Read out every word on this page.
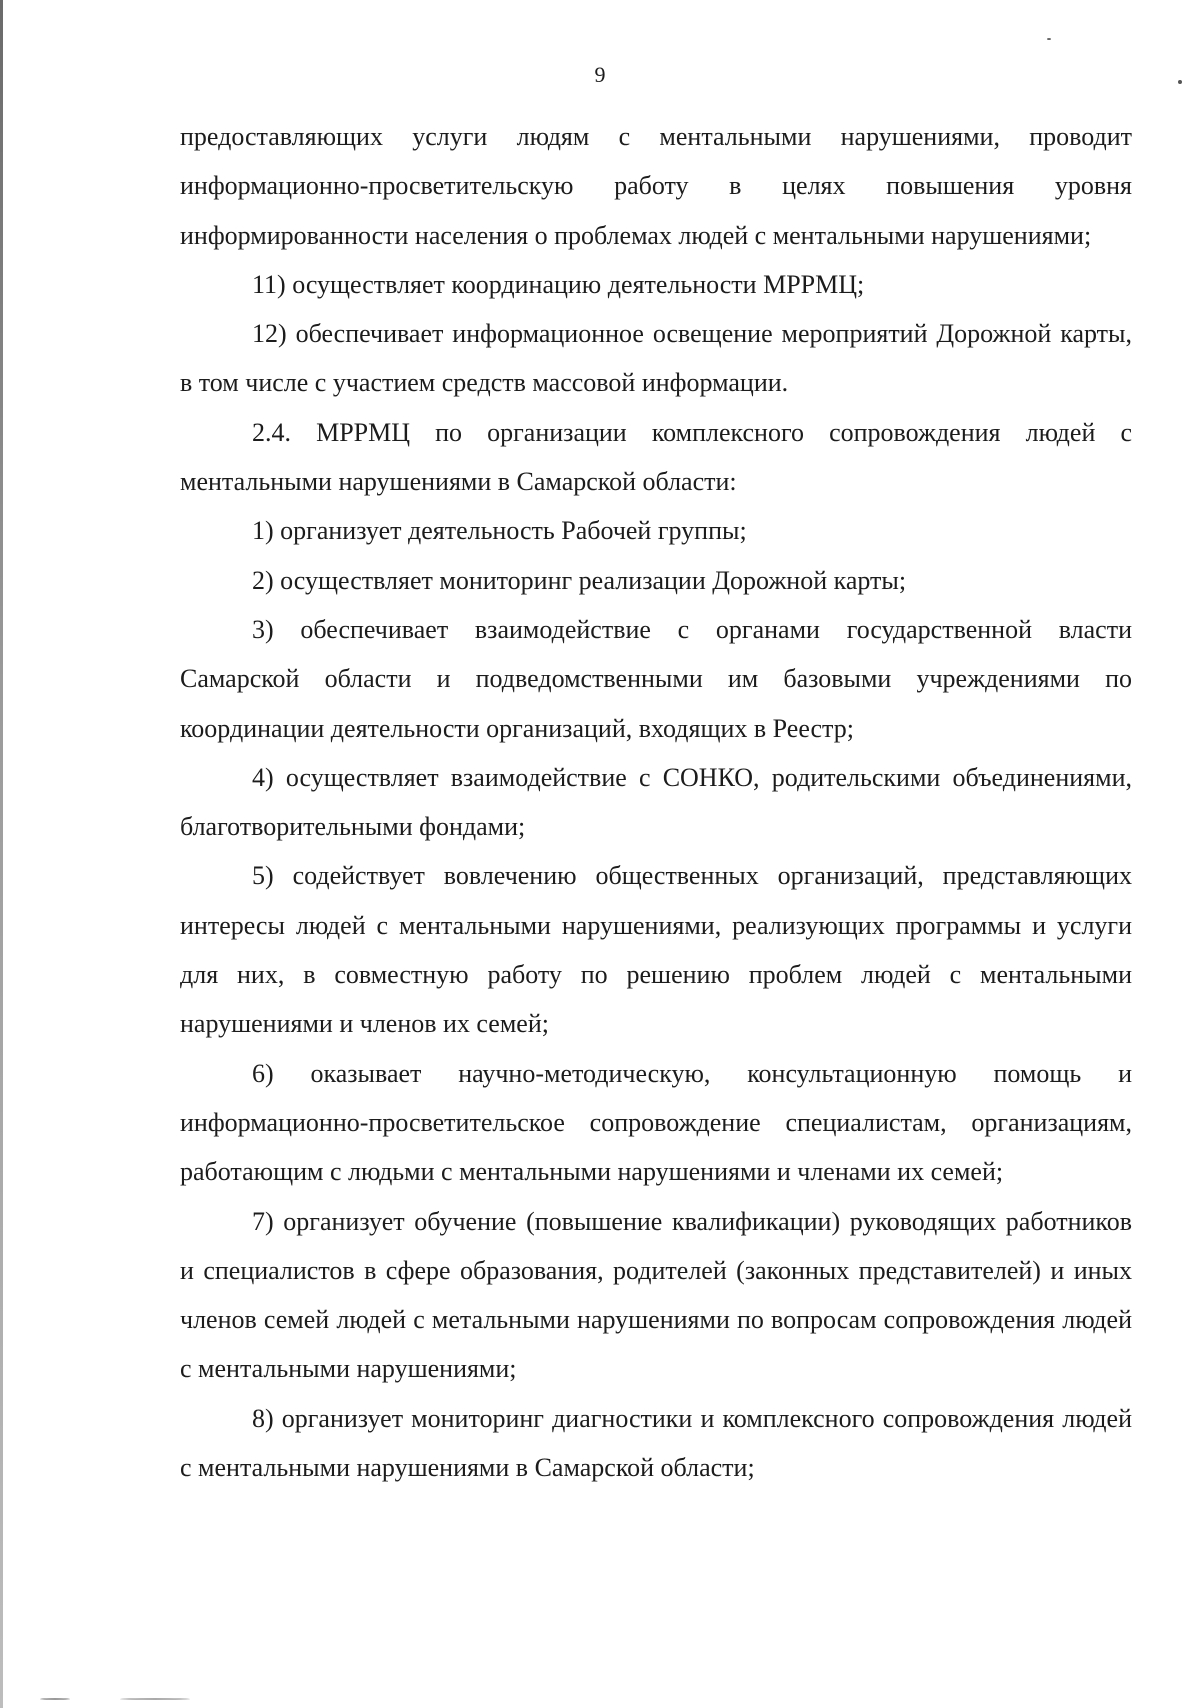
9

предоставляющих услуги людям с ментальными нарушениями, проводит информационно-просветительскую работу в целях повышения уровня информированности населения о проблемах людей с ментальными нарушениями;

11) осуществляет координацию деятельности МРРМЦ;

12) обеспечивает информационное освещение мероприятий Дорожной карты, в том числе с участием средств массовой информации.

2.4. МРРМЦ по организации комплексного сопровождения людей с ментальными нарушениями в Самарской области:

1) организует деятельность Рабочей группы;

2) осуществляет мониторинг реализации Дорожной карты;

3) обеспечивает взаимодействие с органами государственной власти Самарской области и подведомственными им базовыми учреждениями по координации деятельности организаций, входящих в Реестр;

4) осуществляет взаимодействие с СОНКО, родительскими объединениями, благотворительными фондами;

5) содействует вовлечению общественных организаций, представляющих интересы людей с ментальными нарушениями, реализующих программы и услуги для них, в совместную работу по решению проблем людей с ментальными нарушениями и членов их семей;

6) оказывает научно-методическую, консультационную помощь и информационно-просветительское сопровождение специалистам, организациям, работающим с людьми с ментальными нарушениями и членами их семей;

7) организует обучение (повышение квалификации) руководящих работников и специалистов в сфере образования, родителей (законных представителей) и иных членов семей людей с метальными нарушениями по вопросам сопровождения людей с ментальными нарушениями;

8) организует мониторинг диагностики и комплексного сопровождения людей с ментальными нарушениями в Самарской области;
